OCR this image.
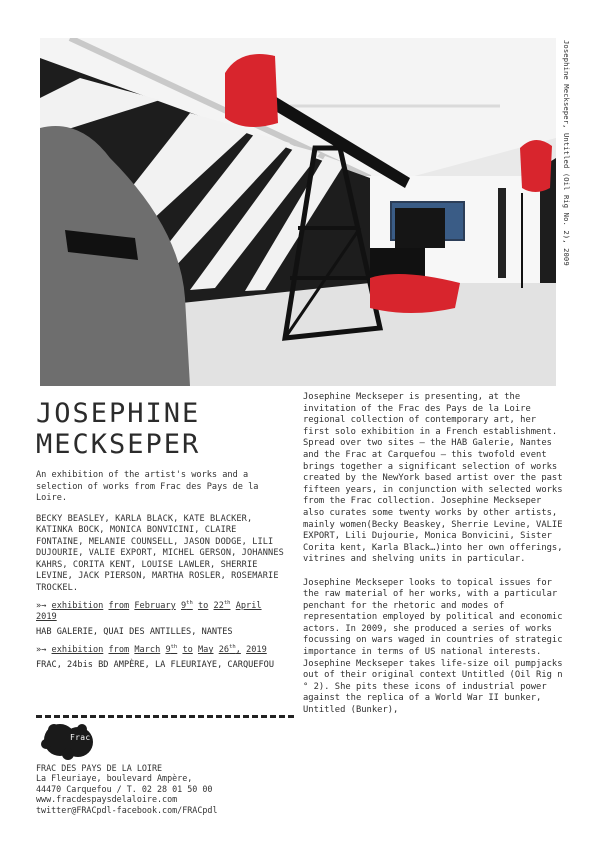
Josephine Meckseper, Untitled (Oil Rig No. 2), 2009
JOSEPHINE
MECKSEPER

An exhibition of the artist's works and a selection of works from Frac des Pays de la Loire.

BECKY BEASLEY, KARLA BLACK, KATE BLACKER, KATINKA BOCK, MONICA BONVICINI, CLAIRE FONTAINE, MELANIE COUNSELL, JASON DODGE, LILI DUJOURIE, VALIE EXPORT, MICHEL GERSON, JOHANNES KAHRS, CORITA KENT, LOUISE LAWLER, SHERRIE LEVINE, JACK PIERSON, MARTHA ROSLER, ROSEMARIE TROCKEL.

»→ exhibition from February 9th to 22th April 2019
HAB GALERIE, QUAI DES ANTILLES, NANTES
»→ exhibition from March 9th to May 26th, 2019
FRAC, 24bis BD AMPÈRE, LA FLEURIAYE, CARQUEFOU
Frac
FRAC DES PAYS DE LA LOIRE
La Fleuriaye, boulevard Ampère,
44470 Carquefou / T. 02 28 01 50 00
www.fracdespaysdelaloire.com
twitter@FRACpdl-facebook.com/FRACpdl

Josephine Meckseper is presenting, at the invitation of the Frac des Pays de la Loire regional collection of contemporary art, her first solo exhibition in a French establishment. Spread over two sites — the HAB Galerie, Nantes and the Frac at Carquefou — this twofold event brings together a significant selection of works created by the NewYork based artist over the past fifteen years, in conjunction with selected works from the Frac collection. Josephine Meckseper also curates some twenty works by other artists, mainly women(Becky Beaskey, Sherrie Levine, VALIE EXPORT, Lili Dujourie, Monica Bonvicini, Sister Corita kent, Karla Black…)into her own offerings, vitrines and shelving units in particular.

Josephine Meckseper looks to topical issues for the raw material of her works, with a particular penchant for the rhetoric and modes of representation employed by political and economic actors. In 2009, she produced a series of works focussing on wars waged in countries of strategic importance in terms of US national interests. Josephine Meckseper takes life-size oil pumpjacks out of their original context Untitled (Oil Rig n ° 2). She pits these icons of industrial power against the replica of a World War II bunker, Untitled (Bunker),
